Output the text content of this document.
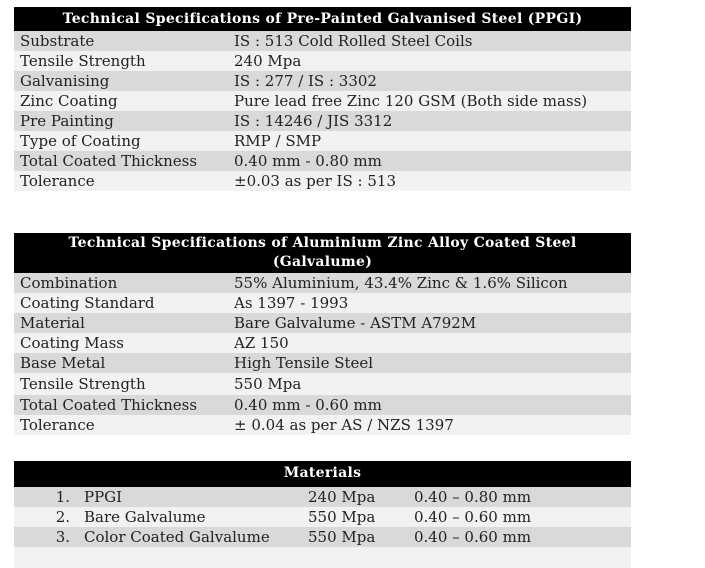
Technical Specifications of Pre-Painted Galvanised Steel (PPGI)
Substrate	IS : 513 Cold Rolled Steel Coils
Tensile Strength	240 Mpa
Galvanising	IS : 277 / IS : 3302
Zinc Coating	Pure lead free Zinc 120 GSM (Both side mass)
Pre Painting	IS : 14246 / JIS 3312
Type of Coating	RMP / SMP
Total Coated Thickness	0.40 mm - 0.80 mm
Tolerance	±0.03 as per IS : 513
Technical Specifications of Aluminium Zinc Alloy Coated Steel
(Galvalume)
Combination	55% Aluminium, 43.4% Zinc & 1.6% Silicon
Coating Standard	As 1397 - 1993
Material	Bare Galvalume - ASTM A792M
Coating Mass	AZ 150
Base Metal	High Tensile Steel
Tensile Strength	550 Mpa
Total Coated Thickness	0.40 mm - 0.60 mm
Tolerance	± 0.04 as per AS / NZS 1397
Materials
1. PPGI	240 Mpa	0.40 – 0.80 mm
2. Bare Galvalume	550 Mpa	0.40 – 0.60 mm
3. Color Coated Galvalume	550 Mpa	0.40 – 0.60 mm
